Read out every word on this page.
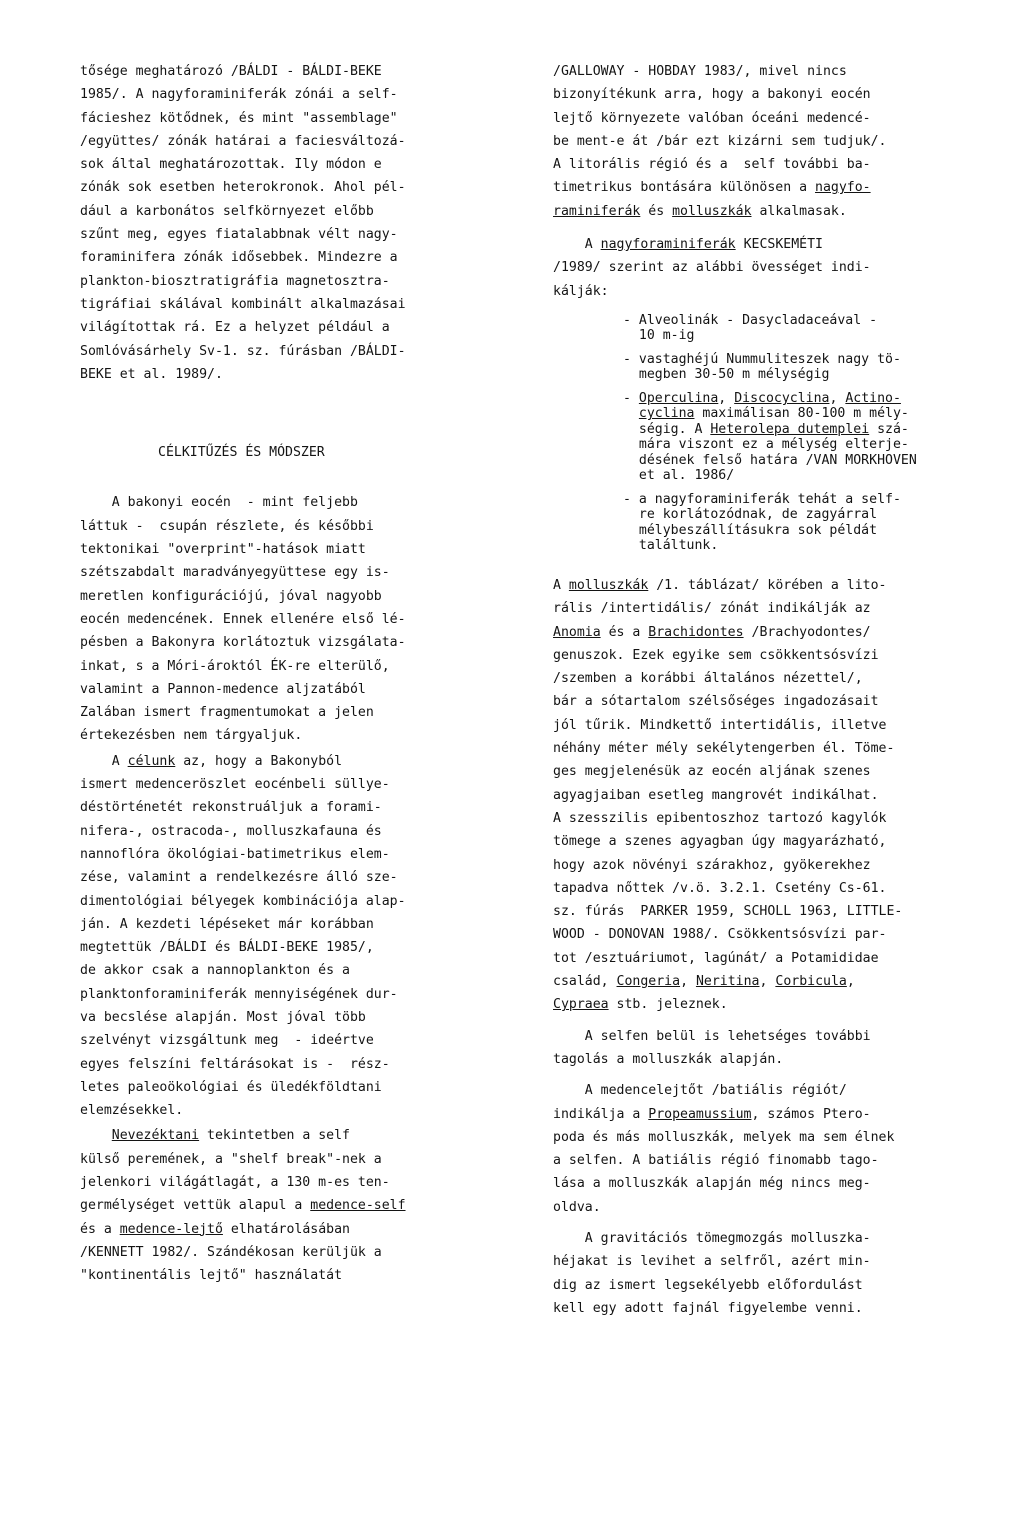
tősége meghatározó /BÁLDI - BÁLDI-BEKE
1985/. A nagyforaminiferák zónái a self-
fácieshez kötődnek, és mint "assemblage"
/együttes/ zónák határai a faciesváltozá-
sok által meghatározottak. Ily módon e
zónák sok esetben heterokronok. Ahol pél-
dául a karbonátos selfkörnyezet előbb
szűnt meg, egyes fiatalabbnak vélt nagy-
foraminifera zónák idősebbek. Mindezre a
plankton-biosztratigráfia magnetosztra-
tigráfiai skálával kombinált alkalmazásai
világítottak rá. Ez a helyzet például a
Somlóvásárhely Sv-1. sz. fúrásban /BÁLDI-
BEKE et al. 1989/.
CÉLKITŰZÉS ÉS MÓDSZER
A bakonyi eocén  - mint feljebb
láttuk -  csupán részlete, és későbbi
tektonikai "overprint"-hatások miatt
szétszabdalt maradványegyüttese egy is-
meretlen konfigurációjú, jóval nagyobb
eocén medencének. Ennek ellenére első lé-
pésben a Bakonyra korlátoztuk vizsgálata-
inkat, s a Móri-ároktól ÉK-re elterülő,
valamint a Pannon-medence aljzatából
Zalában ismert fragmentumokat a jelen
értekezésben nem tárgyaljuk.
A célunk az, hogy a Bakonyból
ismert medenceröszlet eocénbeli süllye-
déstörténetét rekonstruáljuk a forami-
nifera-, ostracoda-, molluszkafauna és
nannoflóra ökológiai-batimetrikus elem-
zése, valamint a rendelkezésre álló sze-
dimentológiai bélyegek kombinációja alap-
ján. A kezdeti lépéseket már korábban
megtettük /BÁLDI és BÁLDI-BEKE 1985/,
de akkor csak a nannoplankton és a
planktonforaminiferák mennyiségének dur-
va becslése alapján. Most jóval több
szelvényt vizsgáltunk meg  - ideértve
egyes felszíni feltárásokat is -  rész-
letes paleoökológiai és üledékföldtani
elemzésekkel.
Nevezéktani tekintetben a self
külső peremének, a "shelf break"-nek a
jelenkori világátlagát, a 130 m-es ten-
germélységet vettük alapul a medence-self
és a medence-lejtő elhatárolásában
/KENNETT 1982/. Szándékosan kerüljük a
"kontinentális lejtő" használatát
/GALLOWAY - HOBDAY 1983/, mivel nincs
bizonyítékunk arra, hogy a bakonyi eocén
lejtő környezete valóban óceáni medencé-
be ment-e át /bár ezt kizárni sem tudjuk/.
A litorális régió és a  self további ba-
timetrikus bontására különösen a nagyfo-
raminiferák és molluszkák alkalmasak.
A nagyforaminiferák KECSKEMÉTI
/1989/ szerint az alábbi övességet indi-
kálják:
- Alveolinák - Dasycladaceával -
10 m-ig
- vastaghéjú Nummuliteszek nagy tö-
megben 30-50 m mélységig
- Operculina, Discocyclina, Actino-
cyclina maximálisan 80-100 m mély-
ségig. A Heterolepa dutemplei szá-
mára viszont ez a mélység elterje-
désének felső határa /VAN MORKHOVEN
et al. 1986/
- a nagyforaminiferák tehát a self-
re korlátozódnak, de zagyárral
mélybeszállításukra sok példát
találtunk.
A molluszkák /1. táblázat/ körében a lito-
rális /intertidális/ zónát indikálják az
Anomia és a Brachidontes /Brachyodontes/
genuszok. Ezek egyike sem csökkentsósvízi
/szemben a korábbi általános nézettel/,
bár a sótartalom szélsőséges ingadozásait
jól tűrik. Mindkettő intertidális, illetve
néhány méter mély sekélytengerben él. Töme-
ges megjelenésük az eocén aljának szenes
agyagjaiban esetleg mangrovét indikálhat.
A szesszilis epibentoszhoz tartozó kagylók
tömege a szenes agyagban úgy magyarázható,
hogy azok növényi szárakhoz, gyökerekhez
tapadva nőttek /v.ö. 3.2.1. Csetény Cs-61.
sz. fúrás  PARKER 1959, SCHOLL 1963, LITTLE-
WOOD - DONOVAN 1988/. Csökkentsósvízi par-
tot /esztuáriumot, lagúnát/ a Potamididae
család, Congeria, Neritina, Corbicula,
Cypraea stb. jeleznek.
A selfen belül is lehetséges további
tagolás a molluszkák alapján.
A medencelejtőt /batiális régiót/
indikálja a Propeamussium, számos Ptero-
poda és más molluszkák, melyek ma sem élnek
a selfen. A batiális régió finomabb tago-
lása a molluszkák alapján még nincs meg-
oldva.
A gravitációs tömegmozgás molluszka-
héjakat is levihet a selfről, azért min-
dig az ismert legsekélyebb előfordulást
kell egy adott fajnál figyelembe venni.
